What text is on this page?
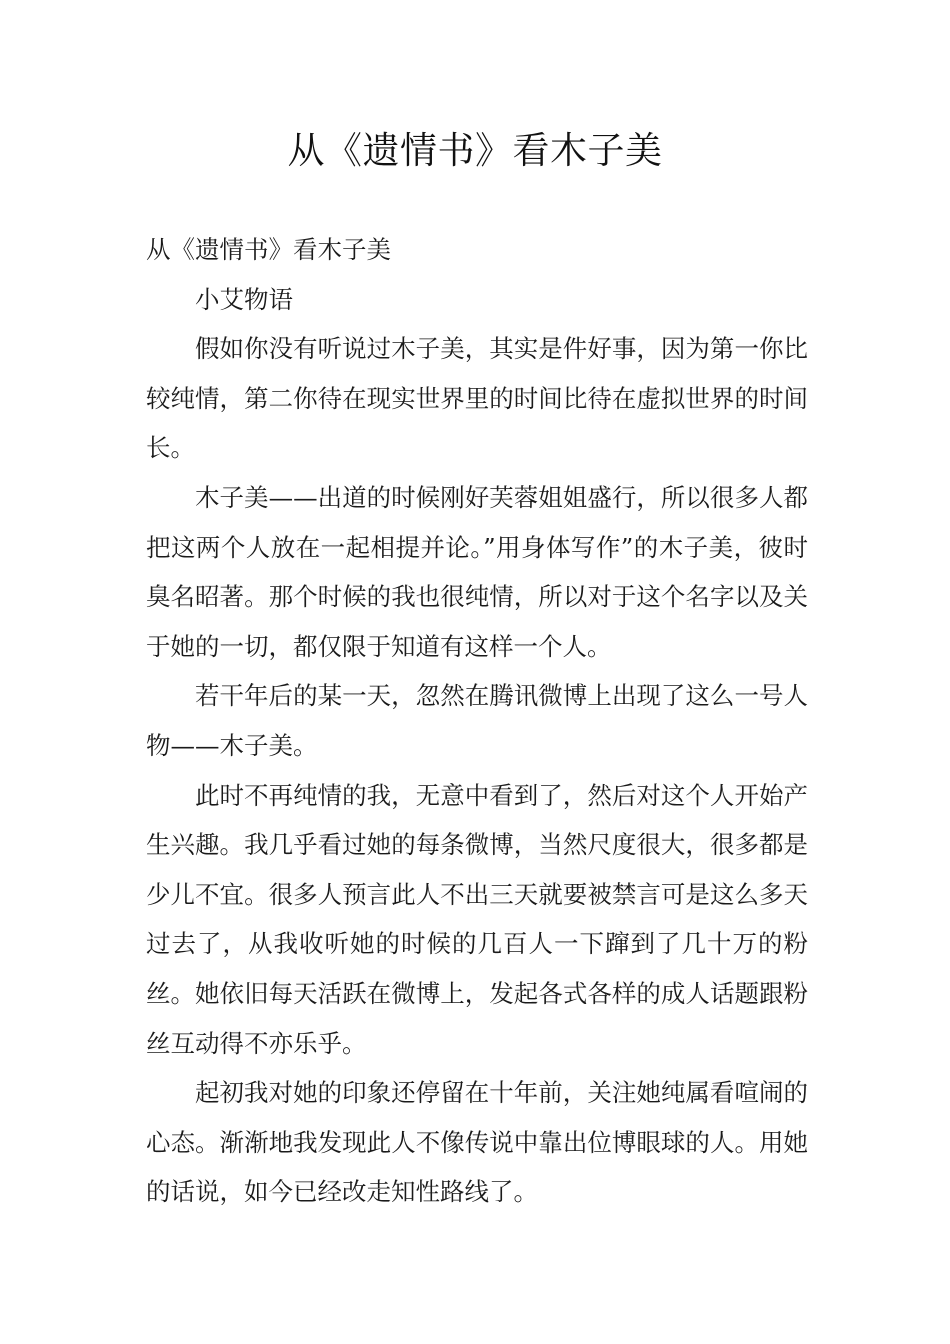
从《遗情书》看木子美

从《遗情书》看木子美

小艾物语

假如你没有听说过木子美，其实是件好事，因为第一你比较纯情，第二你待在现实世界里的时间比待在虚拟世界的时间长。

木子美——出道的时候刚好芙蓉姐姐盛行，所以很多人都把这两个人放在一起相提并论。”用身体写作”的木子美，彼时臭名昭著。那个时候的我也很纯情，所以对于这个名字以及关于她的一切，都仅限于知道有这样一个人。

若干年后的某一天，忽然在腾讯微博上出现了这么一号人物——木子美。

此时不再纯情的我，无意中看到了，然后对这个人开始产生兴趣。我几乎看过她的每条微博，当然尺度很大，很多都是少儿不宜。很多人预言此人不出三天就要被禁言可是这么多天过去了，从我收听她的时候的几百人一下蹿到了几十万的粉丝。她依旧每天活跃在微博上，发起各式各样的成人话题跟粉丝互动得不亦乐乎。

起初我对她的印象还停留在十年前，关注她纯属看喧闹的心态。渐渐地我发现此人不像传说中靠出位博眼球的人。用她的话说，如今已经改走知性路线了。
